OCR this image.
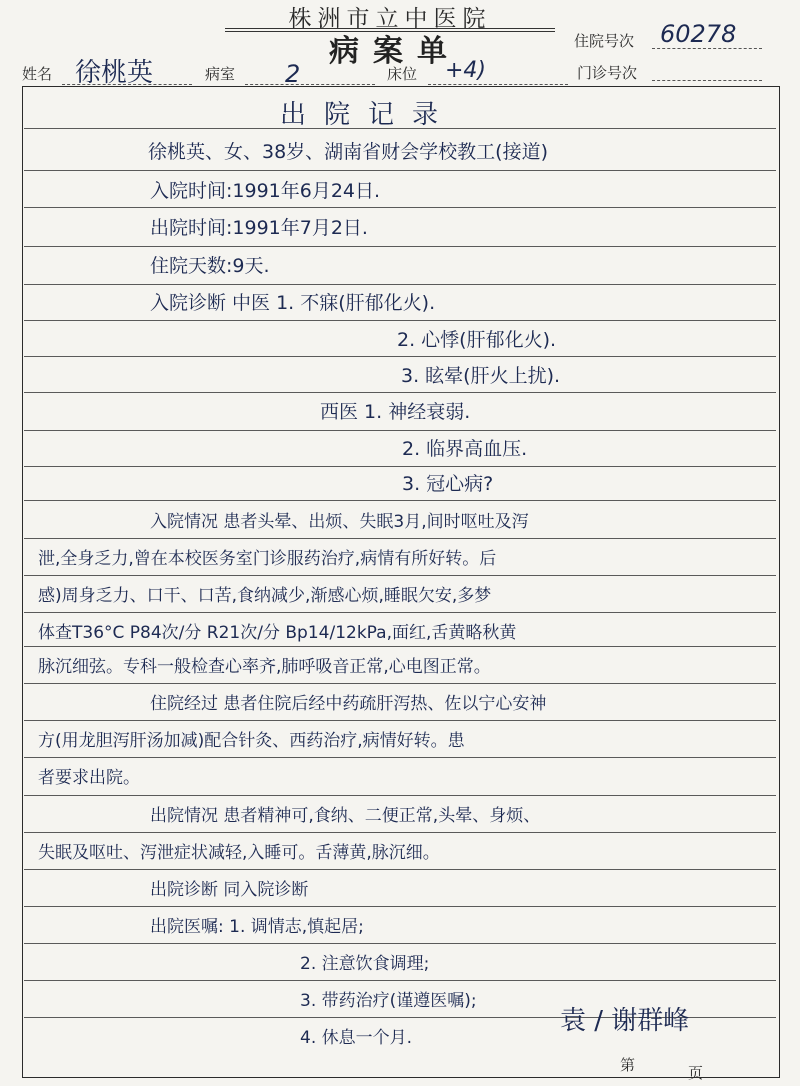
株洲市立中医院
病案单	住院号次 60278
门诊号次
姓名 徐桃英	病室 2	床位 +4)
出院记录
徐桃英、女、38岁、湖南省财会学校教工(接道)
入院时间:1991年6月24日.
出院时间:1991年7月2日.
住院天数:9天.
入院诊断 中医 1. 不寐(肝郁化火).
2. 心悸(肝郁化火).
3. 眩晕(肝火上扰).
西医 1. 神经衰弱.
2. 临界高血压.
3. 冠心病?
入院情况 患者头晕、出烦、失眠3月,间时呕吐及泻
泄,全身乏力,曾在本校医务室门诊服药治疗,病情有所好转。后
感)周身乏力、口干、口苦,食纳减少,渐感心烦,睡眠欠安,多梦
体查T36°C P84次/分 R21次/分 Bp14/12kPa,面红,舌黄略秋黄
脉沉细弦。专科一般检查心率齐,肺呼吸音正常,心电图正常。
住院经过 患者住院后经中药疏肝泻热、佐以宁心安神
方(用龙胆泻肝汤加减)配合针灸、西药治疗,病情好转。患
者要求出院。
出院情况 患者精神可,食纳、二便正常,头晕、身烦、
失眠及呕吐、泻泄症状减轻,入睡可。舌薄黄,脉沉细。
出院诊断 同入院诊断
出院医嘱: 1. 调情志,慎起居;
2. 注意饮食调理;
3. 带药治疗(谨遵医嘱);
4. 休息一个月.
袁 / 谢群峰
第	页
